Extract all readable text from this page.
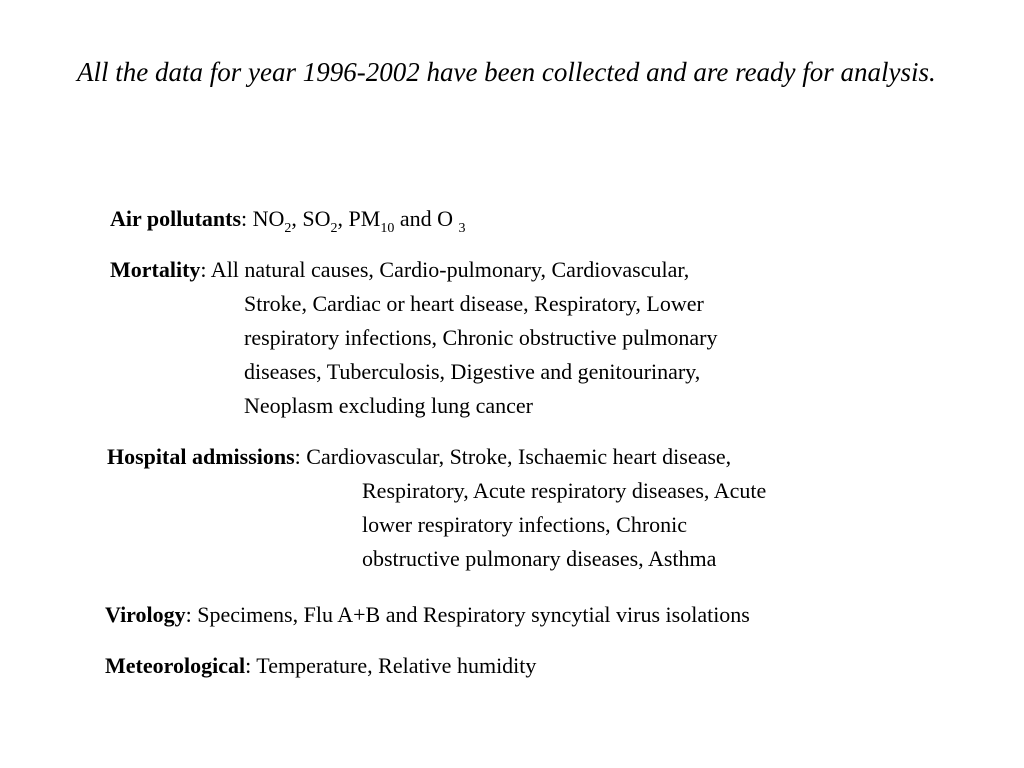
All the data for year 1996-2002 have been collected and are ready for analysis.

Air pollutants: $NO_2$, $SO_2$, $PM_{10}$ and O $_3$

Mortality: All natural causes, Cardio-pulmonary, Cardiovascular,

Stroke, Cardiac or heart disease, Respiratory, Lower
respiratory infections, Chronic obstructive pulmonary
diseases, Tuberculosis, Digestive and genitourinary,
Neoplasm excluding lung cancer

Hospital admissions: Cardiovascular, Stroke, Ischaemic heart disease,

Respiratory, Acute respiratory diseases, Acute
lower respiratory infections, Chronic
obstructive pulmonary diseases, Asthma

Virology: Specimens, Flu A+B and Respiratory syncytial virus isolations

Meteorological: Temperature, Relative humidity
